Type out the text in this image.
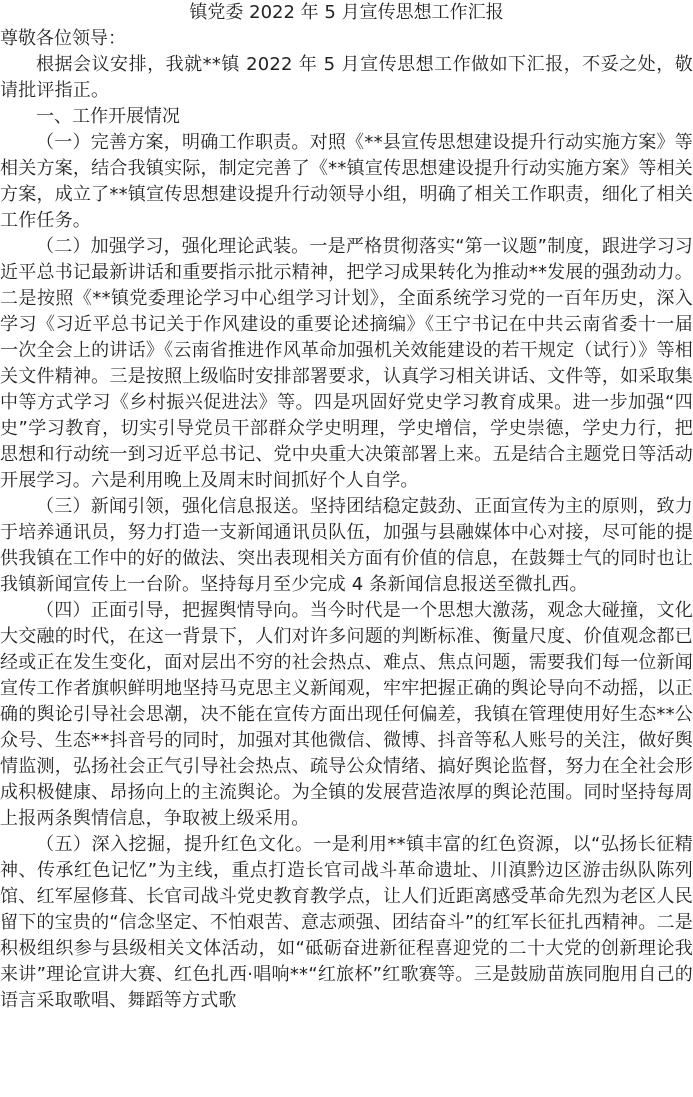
镇党委 2022 年 5 月宣传思想工作汇报

尊敬各位领导：

根据会议安排，我就**镇 2022 年 5 月宣传思想工作做如下汇报，不妥之处，敬请批评指正。

一、工作开展情况

（一）完善方案，明确工作职责。对照《**县宣传思想建设提升行动实施方案》等相关方案，结合我镇实际，制定完善了《**镇宣传思想建设提升行动实施方案》等相关方案，成立了**镇宣传思想建设提升行动领导小组，明确了相关工作职责，细化了相关工作任务。

（二）加强学习，强化理论武装。一是严格贯彻落实“第一议题”制度，跟进学习习近平总书记最新讲话和重要指示批示精神，把学习成果转化为推动**发展的强劲动力。二是按照《**镇党委理论学习中心组学习计划》，全面系统学习党的一百年历史，深入学习《习近平总书记关于作风建设的重要论述摘编》《王宁书记在中共云南省委十一届一次全会上的讲话》《云南省推进作风革命加强机关效能建设的若干规定（试行）》等相关文件精神。三是按照上级临时安排部署要求，认真学习相关讲话、文件等，如采取集中等方式学习《乡村振兴促进法》等。四是巩固好党史学习教育成果。进一步加强“四史”学习教育，切实引导党员干部群众学史明理，学史增信，学史崇德，学史力行，把思想和行动统一到习近平总书记、党中央重大决策部署上来。五是结合主题党日等活动开展学习。六是利用晚上及周末时间抓好个人自学。

（三）新闻引领，强化信息报送。坚持团结稳定鼓劲、正面宣传为主的原则，致力于培养通讯员，努力打造一支新闻通讯员队伍，加强与县融媒体中心对接，尽可能的提供我镇在工作中的好的做法、突出表现相关方面有价值的信息，在鼓舞士气的同时也让我镇新闻宣传上一台阶。坚持每月至少完成 4 条新闻信息报送至微扎西。

（四）正面引导，把握舆情导向。当今时代是一个思想大激荡，观念大碰撞，文化大交融的时代，在这一背景下，人们对许多问题的判断标准、衡量尺度、价值观念都已经或正在发生变化，面对层出不穷的社会热点、难点、焦点问题，需要我们每一位新闻宣传工作者旗帜鲜明地坚持马克思主义新闻观，牢牢把握正确的舆论导向不动摇，以正确的舆论引导社会思潮，决不能在宣传方面出现任何偏差，我镇在管理使用好生态**公众号、生态**抖音号的同时，加强对其他微信、微博、抖音等私人账号的关注，做好舆情监测，弘扬社会正气引导社会热点、疏导公众情绪、搞好舆论监督，努力在全社会形成积极健康、昂扬向上的主流舆论。为全镇的发展营造浓厚的舆论范围。同时坚持每周上报两条舆情信息，争取被上级采用。

（五）深入挖掘，提升红色文化。一是利用**镇丰富的红色资源，以“弘扬长征精神、传承红色记忆”为主线，重点打造长官司战斗革命遗址、川滇黔边区游击纵队陈列馆、红军屋修葺、长官司战斗党史教育教学点，让人们近距离感受革命先烈为老区人民留下的宝贵的“信念坚定、不怕艰苦、意志顽强、团结奋斗”的红军长征扎西精神。二是积极组织参与县级相关文体活动，如“砥砺奋进新征程喜迎党的二十大党的创新理论我来讲”理论宣讲大赛、红色扎西·唱响**“红旅杯”红歌赛等。三是鼓励苗族同胞用自己的语言采取歌唱、舞蹈等方式歌
